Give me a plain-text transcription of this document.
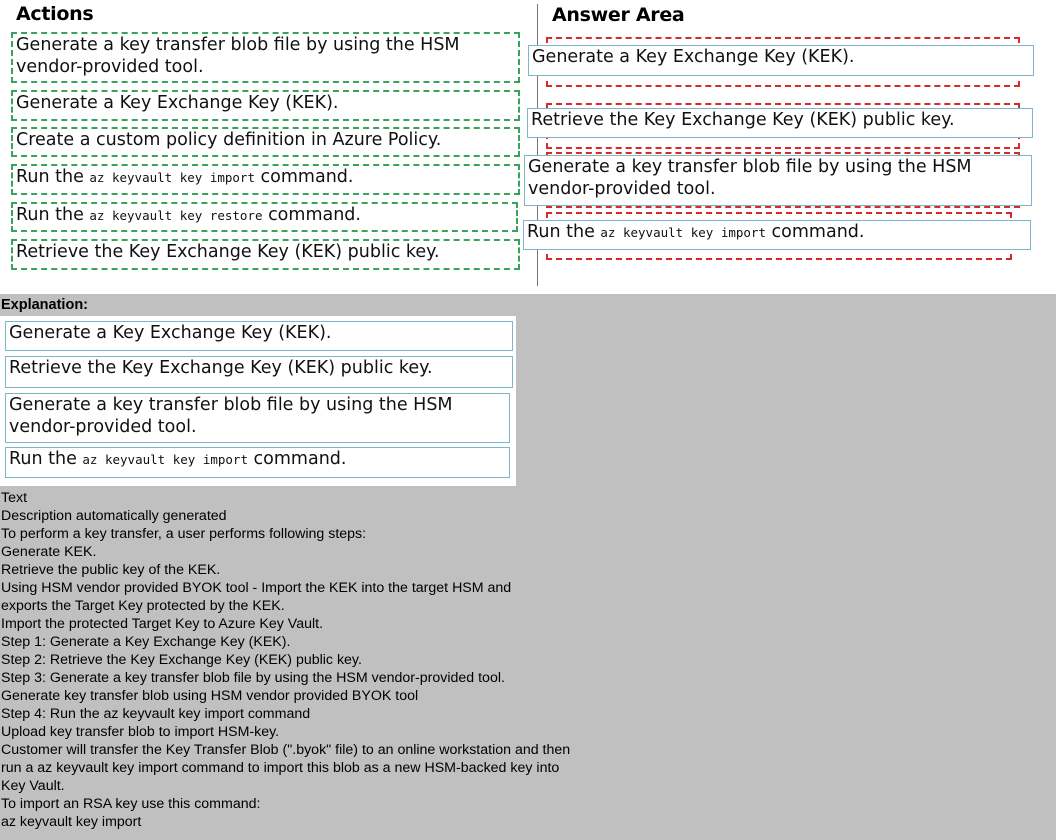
Actions	Answer Area
Generate a key transfer blob file by using the HSM
vendor-provided tool.
Generate a Key Exchange Key (KEK).
Create a custom policy definition in Azure Policy.
Run the az keyvault key import command.
Run the az keyvault key restore command.
Retrieve the Key Exchange Key (KEK) public key.
Generate a Key Exchange Key (KEK).
Retrieve the Key Exchange Key (KEK) public key.
Generate a key transfer blob file by using the HSM
vendor-provided tool.
Run the az keyvault key import command.
Explanation:
Generate a Key Exchange Key (KEK).
Retrieve the Key Exchange Key (KEK) public key.
Generate a key transfer blob file by using the HSM
vendor-provided tool.
Run the az keyvault key import command.
Text
Description automatically generated
To perform a key transfer, a user performs following steps:
Generate KEK.
Retrieve the public key of the KEK.
Using HSM vendor provided BYOK tool - Import the KEK into the target HSM and
exports the Target Key protected by the KEK.
Import the protected Target Key to Azure Key Vault.
Step 1: Generate a Key Exchange Key (KEK).
Step 2: Retrieve the Key Exchange Key (KEK) public key.
Step 3: Generate a key transfer blob file by using the HSM vendor-provided tool.
Generate key transfer blob using HSM vendor provided BYOK tool
Step 4: Run the az keyvault key import command
Upload key transfer blob to import HSM-key.
Customer will transfer the Key Transfer Blob (".byok" file) to an online workstation and then
run a az keyvault key import command to import this blob as a new HSM-backed key into
Key Vault.
To import an RSA key use this command:
az keyvault key import
